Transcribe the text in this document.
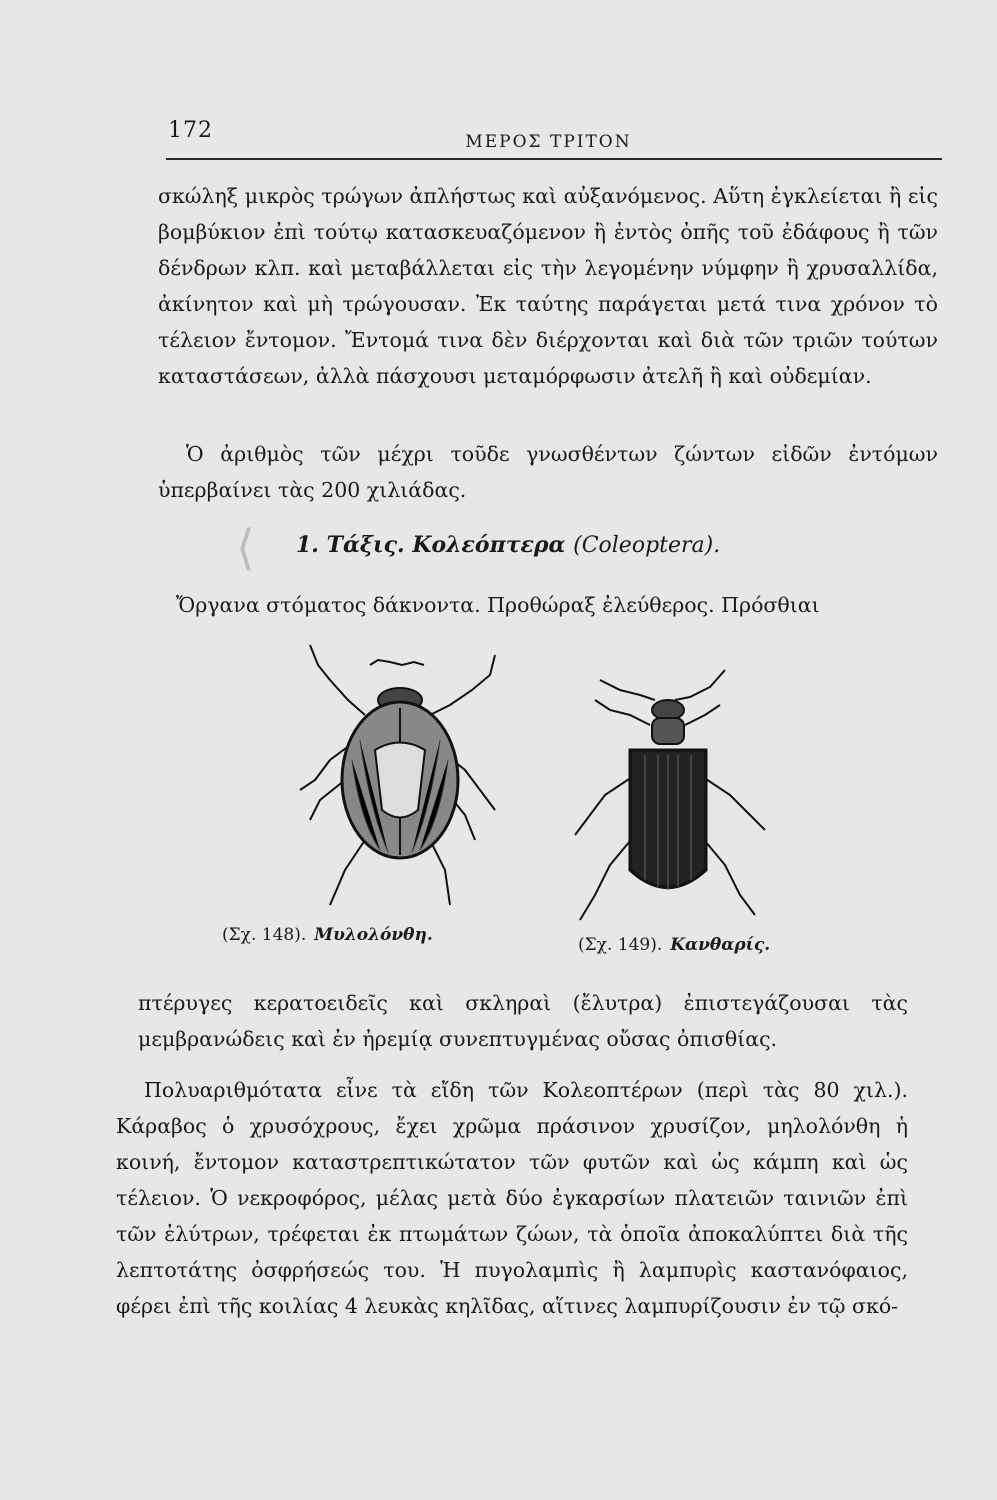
172	ΜΕΡΟΣ ΤΡΙΤΟΝ
σκώληξ μικρὸς τρώγων ἀπλήστως καὶ αὐξανόμενος. Αὕτη ἐγκλείεται ἢ εἰς βομβύκιον ἐπὶ τούτῳ κατασκευαζόμενον ἢ ἐντὸς ὀπῆς τοῦ ἐδάφους ἢ τῶν δένδρων κλπ. καὶ μεταβάλλεται εἰς τὴν λεγομένην νύμφην ἢ χρυσαλλίδα, ἀκίνητον καὶ μὴ τρώγουσαν. Ἐκ ταύτης παράγεται μετά τινα χρόνον τὸ τέλειον ἔντομον. Ἔντομά τινα δὲν διέρχονται καὶ διὰ τῶν τριῶν τούτων καταστάσεων, ἀλλὰ πάσχουσι μεταμόρφωσιν ἀτελῆ ἢ καὶ οὐδεμίαν.
Ὁ ἀριθμὸς τῶν μέχρι τοῦδε γνωσθέντων ζώντων εἰδῶν ἐντόμων ὑπερβαίνει τὰς 200 χιλιάδας.
⟨ 1. Τάξις. Κολεόπτερα (Coleoptera).
Ὄργανα στόματος δάκνοντα. Προθώραξ ἐλεύθερος. Πρόσθιαι
(Σχ. 148). Μυλολόνθη.	(Σχ. 149). Κανθαρίς.
πτέρυγες κερατοειδεῖς καὶ σκληραὶ (ἔλυτρα) ἐπιστεγάζουσαι τὰς μεμβρανώδεις καὶ ἐν ἠρεμίᾳ συνεπτυγμένας οὔσας ὀπισθίας.
Πολυαριθμότατα εἶνε τὰ εἴδη τῶν Κολεοπτέρων (περὶ τὰς 80 χιλ.). Κάραβος ὁ χρυσόχρους, ἔχει χρῶμα πράσινον χρυσίζον, μηλολόνθη ἡ κοινή, ἔντομον καταστρεπτικώτατον τῶν φυτῶν καὶ ὡς κάμπη καὶ ὡς τέλειον. Ὁ νεκροφόρος, μέλας μετὰ δύο ἐγκαρσίων πλατειῶν ταινιῶν ἐπὶ τῶν ἐλύτρων, τρέφεται ἐκ πτωμάτων ζώων, τὰ ὁποῖα ἀποκαλύπτει διὰ τῆς λεπτοτάτης ὀσφρήσεώς του. Ἡ πυγολαμπὶς ἢ λαμπυρὶς καστανόφαιος, φέρει ἐπὶ τῆς κοιλίας 4 λευκὰς κηλῖδας, αἵτινες λαμπυρίζουσιν ἐν τῷ σκό-
